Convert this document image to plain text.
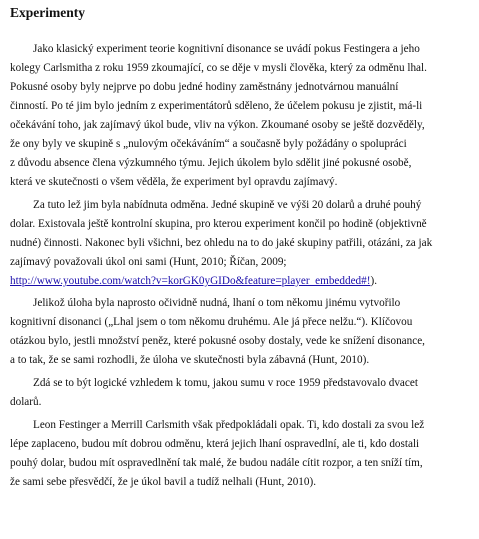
Experimenty
Jako klasický experiment teorie kognitivní disonance se uvádí pokus Festingera a jeho
kolegy Carlsmitha z roku 1959 zkoumající, co se děje v mysli člověka, který za odměnu lhal.
Pokusné osoby byly nejprve po dobu jedné hodiny zaměstnány jednotvárnou manuální
činností. Po té jim bylo jedním z experimentátorů sděleno, že účelem pokusu je zjistit, má-li
očekávání toho, jak zajímavý úkol bude, vliv na výkon. Zkoumané osoby se ještě dozvěděly,
že ony byly ve skupině s „nulovým očekáváním“ a současně byly požádány o spolupráci
z důvodu absence člena výzkumného týmu. Jejich úkolem bylo sdělit jiné pokusné osobě,
která ve skutečnosti o všem věděla, že experiment byl opravdu zajímavý.
Za tuto lež jim byla nabídnuta odměna. Jedné skupině ve výši 20 dolarů a druhé pouhý
dolar. Existovala ještě kontrolní skupina, pro kterou experiment končil po hodině (objektivně
nudné) činnosti. Nakonec byli všichni, bez ohledu na to do jaké skupiny patřili, otázáni, za jak
zajímavý považovali úkol oni sami (Hunt, 2010; Říčan, 2009;
http://www.youtube.com/watch?v=korGK0yGIDo&feature=player_embedded#!).
Jelikož úloha byla naprosto očividně nudná, lhaní o tom někomu jinému vytvořilo
kognitivní disonanci („Lhal jsem o tom někomu druhému. Ale já přece nelžu.“). Klíčovou
otázkou bylo, jestli množství peněz, které pokusné osoby dostaly, vede ke snížení disonance,
a to tak, že se sami rozhodli, že úloha ve skutečnosti byla zábavná (Hunt, 2010).
Zdá se to být logické vzhledem k tomu, jakou sumu v roce 1959 představovalo dvacet
dolarů.
Leon Festinger a Merrill Carlsmith však předpokládali opak. Ti, kdo dostali za svou lež
lépe zaplaceno, budou mít dobrou odměnu, která jejich lhaní ospravedlní, ale ti, kdo dostali
pouhý dolar, budou mít ospravedlnění tak malé, že budou nadále cítit rozpor, a ten sníží tím,
že sami sebe přesvědčí, že je úkol bavil a tudíž nelhali (Hunt, 2010).
